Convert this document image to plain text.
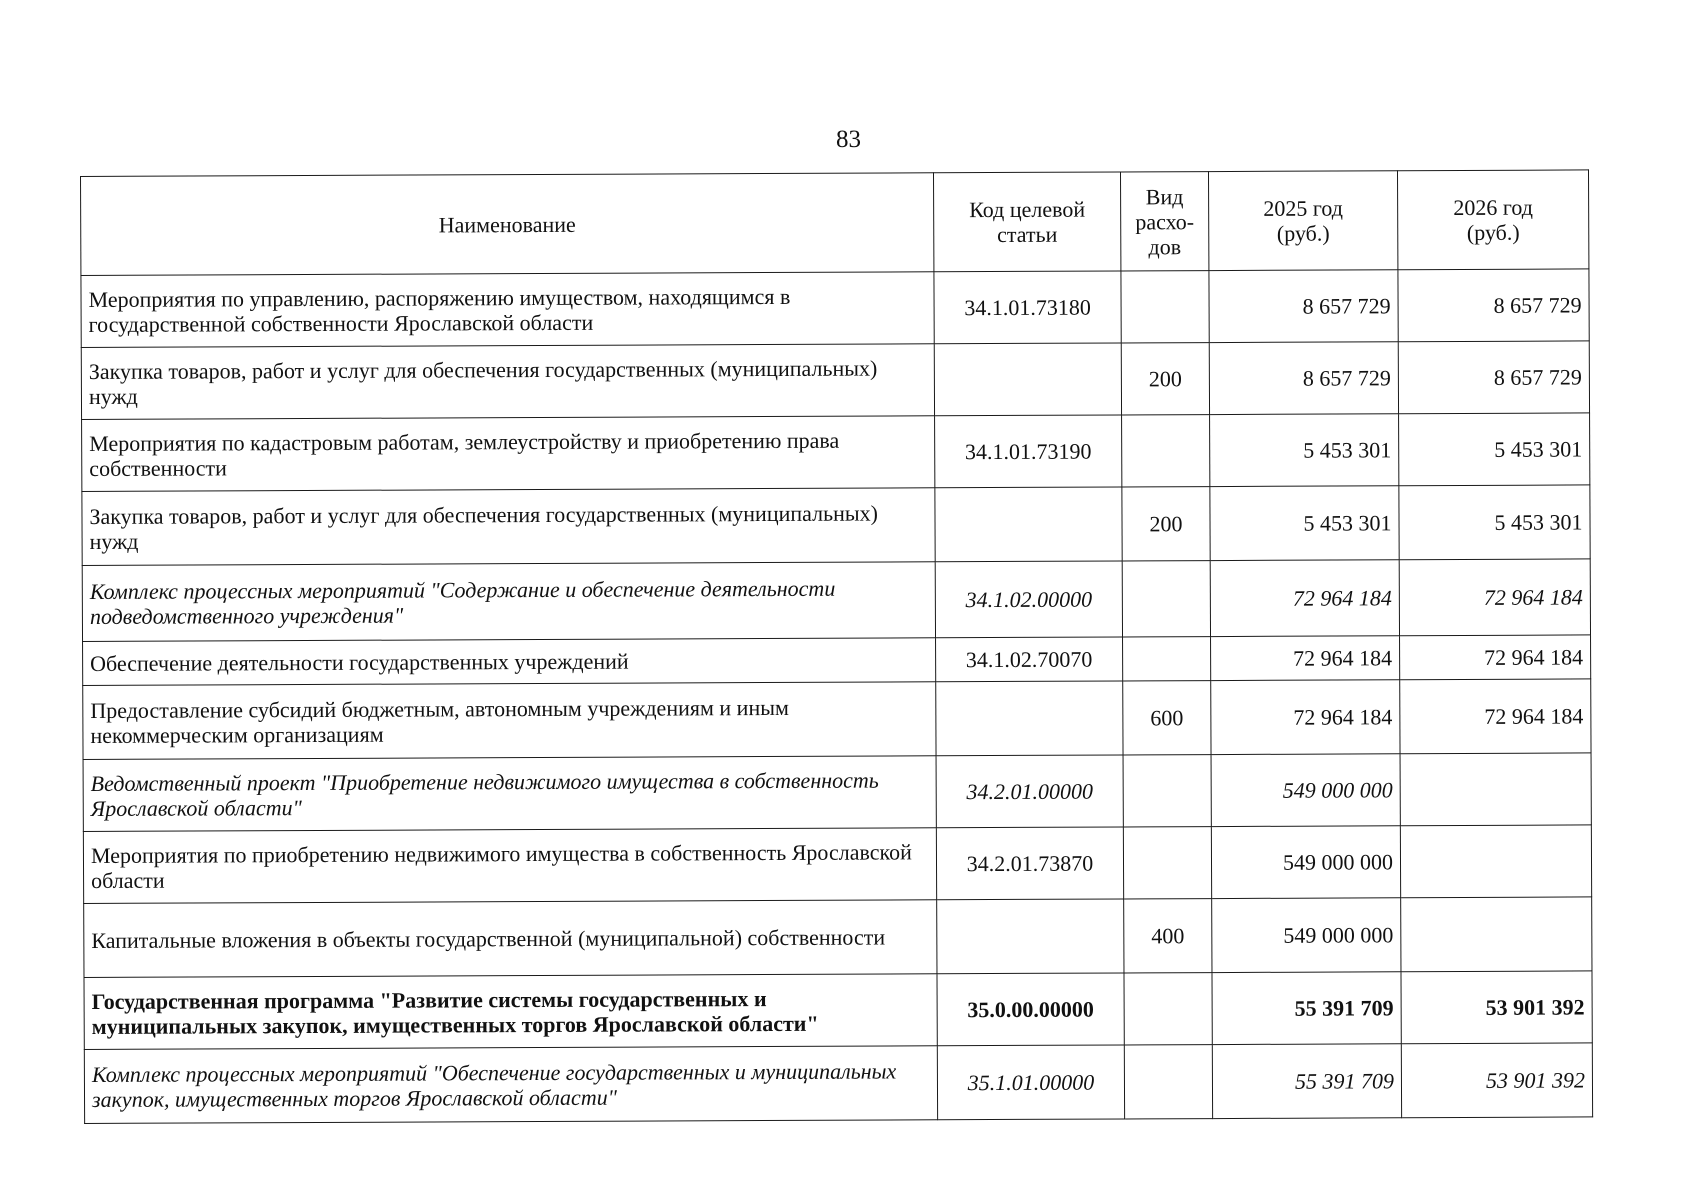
83
Наименование	Код целевой статьи	Вид расхо-дов	2025 год (руб.)	2026 год (руб.)

Мероприятия по управлению, распоряжению имуществом, находящимся в государственной собственности Ярославской области	34.1.01.73180		8 657 729	8 657 729
Закупка товаров, работ и услуг для обеспечения государственных (муниципальных) нужд		200	8 657 729	8 657 729
Мероприятия по кадастровым работам, землеустройству и приобретению права собственности	34.1.01.73190		5 453 301	5 453 301
Закупка товаров, работ и услуг для обеспечения государственных (муниципальных) нужд		200	5 453 301	5 453 301
Комплекс процессных мероприятий "Содержание и обеспечение деятельности подведомственного учреждения"	34.1.02.00000		72 964 184	72 964 184
Обеспечение деятельности государственных учреждений	34.1.02.70070		72 964 184	72 964 184
Предоставление субсидий бюджетным, автономным учреждениям и иным некоммерческим организациям		600	72 964 184	72 964 184
Ведомственный проект "Приобретение недвижимого имущества в собственность Ярославской области"	34.2.01.00000		549 000 000	
Мероприятия по приобретению недвижимого имущества в собственность Ярославской области	34.2.01.73870		549 000 000	
Капитальные вложения в объекты государственной (муниципальной) собственности		400	549 000 000	
Государственная программа "Развитие системы государственных и муниципальных закупок, имущественных торгов Ярославской области"	35.0.00.00000		55 391 709	53 901 392
Комплекс процессных мероприятий "Обеспечение государственных и муниципальных закупок, имущественных торгов Ярославской области"	35.1.01.00000		55 391 709	53 901 392
